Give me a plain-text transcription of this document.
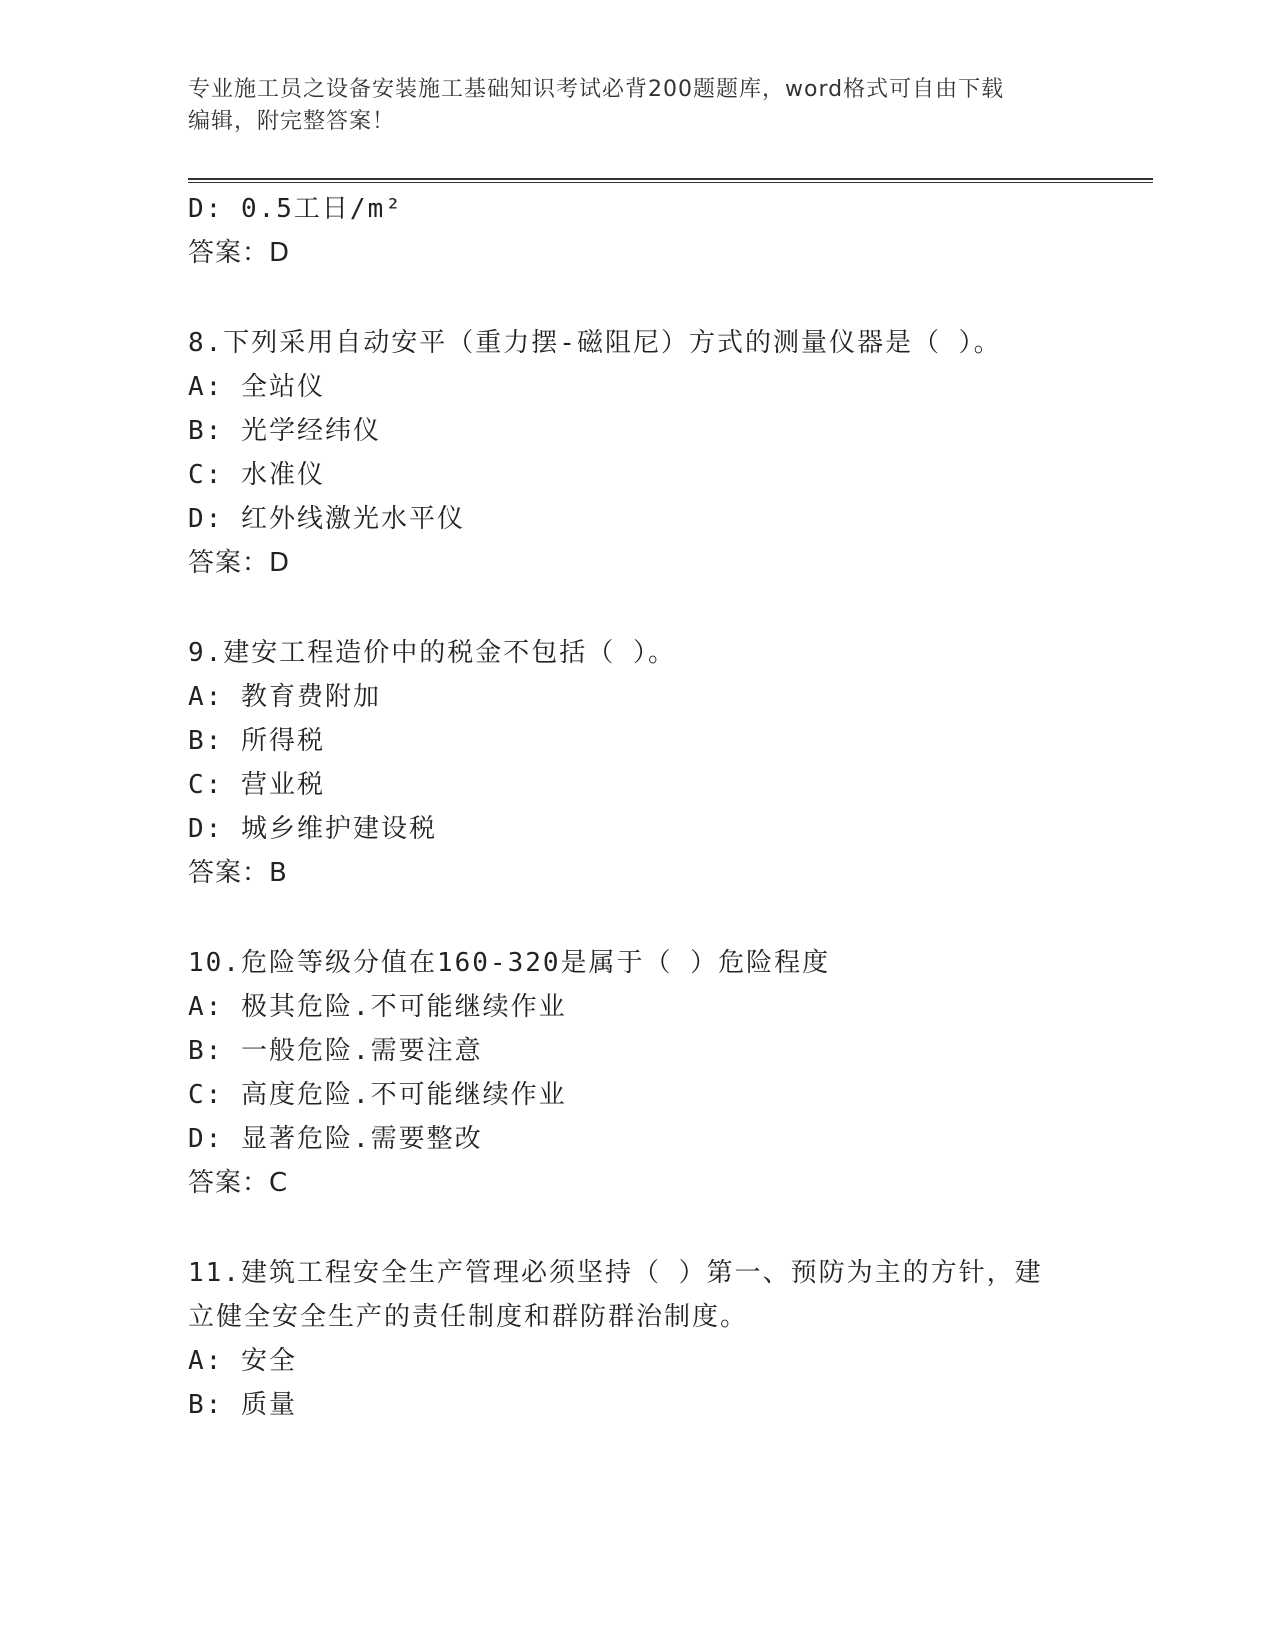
专业施工员之设备安装施工基础知识考试必背200题题库，word格式可自由下载
编辑，附完整答案！
D: 0.5工日/m²
答案：D
8.下列采用自动安平（重力摆-磁阻尼）方式的测量仪器是（ ）。
A: 全站仪
B: 光学经纬仪
C: 水准仪
D: 红外线激光水平仪
答案：D
9.建安工程造价中的税金不包括（ ）。
A: 教育费附加
B: 所得税
C: 营业税
D: 城乡维护建设税
答案：B
10.危险等级分值在160-320是属于（ ）危险程度
A: 极其危险.不可能继续作业
B: 一般危险.需要注意
C: 高度危险.不可能继续作业
D: 显著危险.需要整改
答案：C
11.建筑工程安全生产管理必须坚持（ ）第一、预防为主的方针，建
立健全安全生产的责任制度和群防群治制度。
A: 安全
B: 质量
